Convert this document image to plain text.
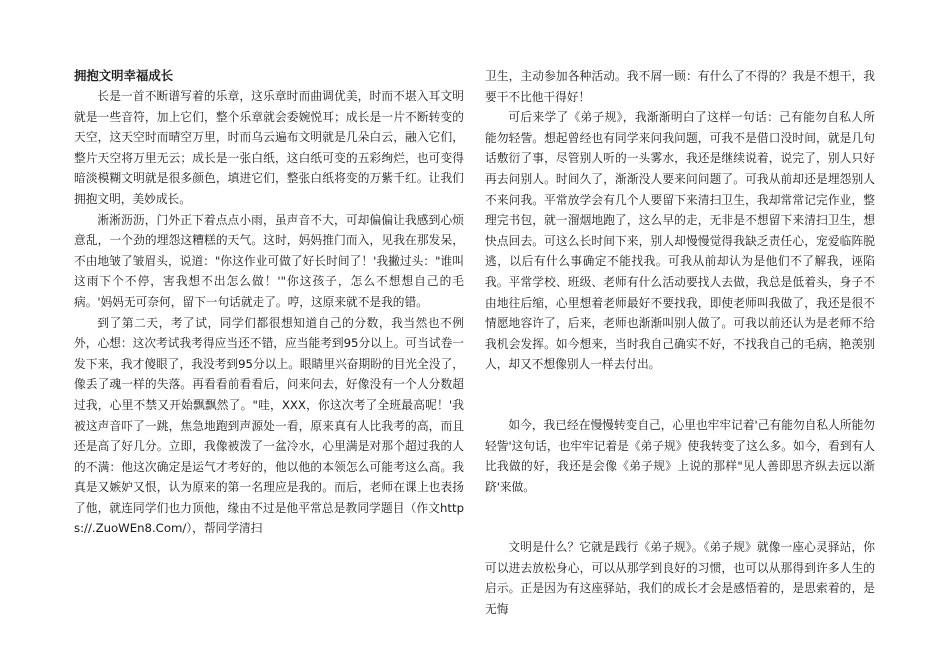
拥抱文明幸福成长

长是一首不断谱写着的乐章，这乐章时而曲调优美，时而不堪入耳文明就是一些音符，加上它们，整个乐章就会委婉悦耳；成长是一片不断转变的天空，这天空时而晴空万里，时而乌云遍布文明就是几朵白云，融入它们，整片天空将万里无云；成长是一张白纸，这白纸可变的五彩绚烂，也可变得暗淡模糊文明就是很多颜色，填进它们，整张白纸将变的万紫千红。让我们拥抱文明，美妙成长。

淅淅沥沥，门外正下着点点小雨，虽声音不大，可却偏偏让我感到心烦意乱，一个劲的埋怨这糟糕的天气。这时，妈妈推门而入，见我在那发呆，不由地皱了皱眉头，说道："你这作业可做了好长时间了！'我撇过头："谁叫这雨下个不停，害我想不出怎么做！'"你这孩子，怎么不想想自己的毛病。'妈妈无可奈何，留下一句话就走了。哼，这原来就不是我的错。

到了第二天，考了试，同学们都很想知道自己的分数，我当然也不例外，心想：这次考试我考得应当还不错，应当能考到95分以上。可当试卷一发下来，我才傻眼了，我没考到95分以上。眼睛里兴奋期盼的目光全没了，像丢了魂一样的失落。再看看前看看后，问来问去，好像没有一个人分数超过我，心里不禁又开始飘飘然了。"哇，XXX，你这次考了全班最高呢！'我被这声音吓了一跳，焦急地跑到声源处一看，原来真有人比我考的高，而且还是高了好几分。立即，我像被泼了一盆冷水，心里满是对那个超过我的人的不满：他这次确定是运气才考好的，他以他的本领怎么可能考这么高。我真是又嫉妒又恨，认为原来的第一名理应是我的。而后，老师在课上也表扬了他，就连同学们也力顶他，缘由不过是他平常总是教同学题目（作文https://.ZuoWEn8.Com/），帮同学清扫

卫生，主动参加各种活动。我不屑一顾：有什么了不得的？我是不想干，我要干不比他干得好！

可后来学了《弟子规》，我渐渐明白了这样一句话：己有能勿自私人所能勿轻訾。想起曾经也有同学来问我问题，可我不是借口没时间，就是几句话敷衍了事，尽管别人听的一头雾水，我还是继续说着，说完了，别人只好再去问别人。时间久了，渐渐没人要来问问题了。可我从前却还是埋怨别人不来问我。平常放学会有几个人要留下来清扫卫生，我却常常记完作业，整理完书包，就一溜烟地跑了，这么早的走，无非是不想留下来清扫卫生，想快点回去。可这么长时间下来，别人却慢慢觉得我缺乏责任心，宠爱临阵脱逃，以后有什么事确定不能找我。可我从前却认为是他们不了解我，诬陷我。平常学校、班级、老师有什么活动要找人去做，我总是低着头，身子不由地往后缩，心里想着老师最好不要找我，即使老师叫我做了，我还是很不情愿地容许了，后来，老师也渐渐叫别人做了。可我以前还认为是老师不给我机会发挥。如今想来，当时我自己确实不好，不找我自己的毛病，艳羡别人，却又不想像别人一样去付出。

如今，我已经在慢慢转变自己，心里也牢牢记着'己有能勿自私人所能勿轻訾'这句话，也牢牢记着是《弟子规》使我转变了这么多。如今，看到有人比我做的好，我还是会像《弟子规》上说的那样"见人善即思齐纵去远以渐跻'来做。

文明是什么？它就是践行《弟子规》。《弟子规》就像一座心灵驿站，你可以进去放松身心，可以从那学到良好的习惯，也可以从那得到许多人生的启示。正是因为有这座驿站，我们的成长才会是感悟着的，是思索着的，是无悔
